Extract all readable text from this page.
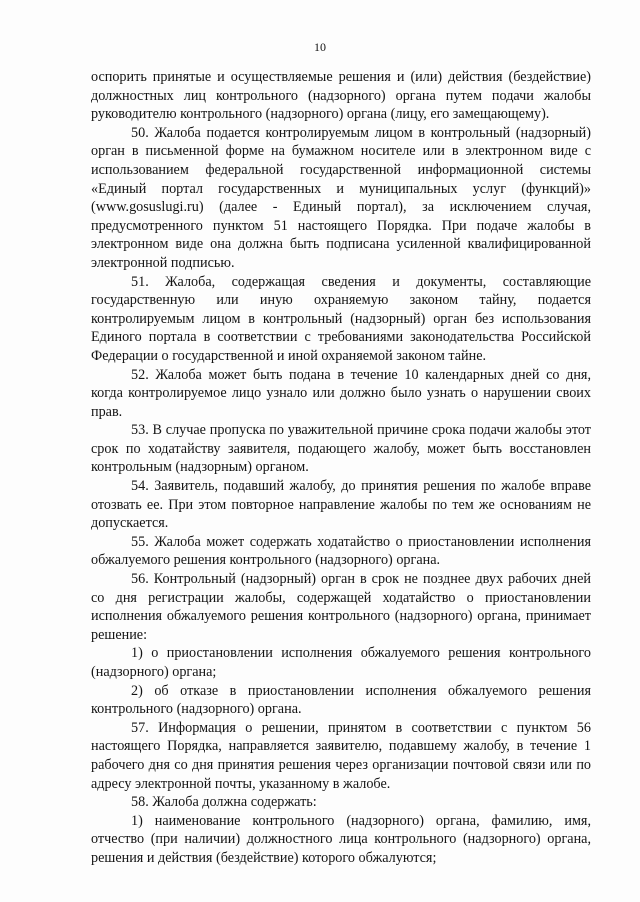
10

оспорить принятые и осуществляемые решения и (или) действия (бездействие) должностных лиц контрольного (надзорного) органа путем подачи жалобы руководителю контрольного (надзорного) органа (лицу, его замещающему).

50. Жалоба подается контролируемым лицом в контрольный (надзорный) орган в письменной форме на бумажном носителе или в электронном виде с использованием федеральной государственной информационной системы «Единый портал государственных и муниципальных услуг (функций)» (www.gosuslugi.ru) (далее - Единый портал), за исключением случая, предусмотренного пунктом 51 настоящего Порядка. При подаче жалобы в электронном виде она должна быть подписана усиленной квалифицированной электронной подписью.

51. Жалоба, содержащая сведения и документы, составляющие государственную или иную охраняемую законом тайну, подается контролируемым лицом в контрольный (надзорный) орган без использования Единого портала в соответствии с требованиями законодательства Российской Федерации о государственной и иной охраняемой законом тайне.

52. Жалоба может быть подана в течение 10 календарных дней со дня, когда контролируемое лицо узнало или должно было узнать о нарушении своих прав.

53. В случае пропуска по уважительной причине срока подачи жалобы этот срок по ходатайству заявителя, подающего жалобу, может быть восстановлен контрольным (надзорным) органом.

54. Заявитель, подавший жалобу, до принятия решения по жалобе вправе отозвать ее. При этом повторное направление жалобы по тем же основаниям не допускается.

55. Жалоба может содержать ходатайство о приостановлении исполнения обжалуемого решения контрольного (надзорного) органа.

56. Контрольный (надзорный) орган в срок не позднее двух рабочих дней со дня регистрации жалобы, содержащей ходатайство о приостановлении исполнения обжалуемого решения контрольного (надзорного) органа, принимает решение:

1) о приостановлении исполнения обжалуемого решения контрольного (надзорного) органа;

2) об отказе в приостановлении исполнения обжалуемого решения контрольного (надзорного) органа.

57. Информация о решении, принятом в соответствии с пунктом 56 настоящего Порядка, направляется заявителю, подавшему жалобу, в течение 1 рабочего дня со дня принятия решения через организации почтовой связи или по адресу электронной почты, указанному в жалобе.

58. Жалоба должна содержать:

1) наименование контрольного (надзорного) органа, фамилию, имя, отчество (при наличии) должностного лица контрольного (надзорного) органа, решения и действия (бездействие) которого обжалуются;
